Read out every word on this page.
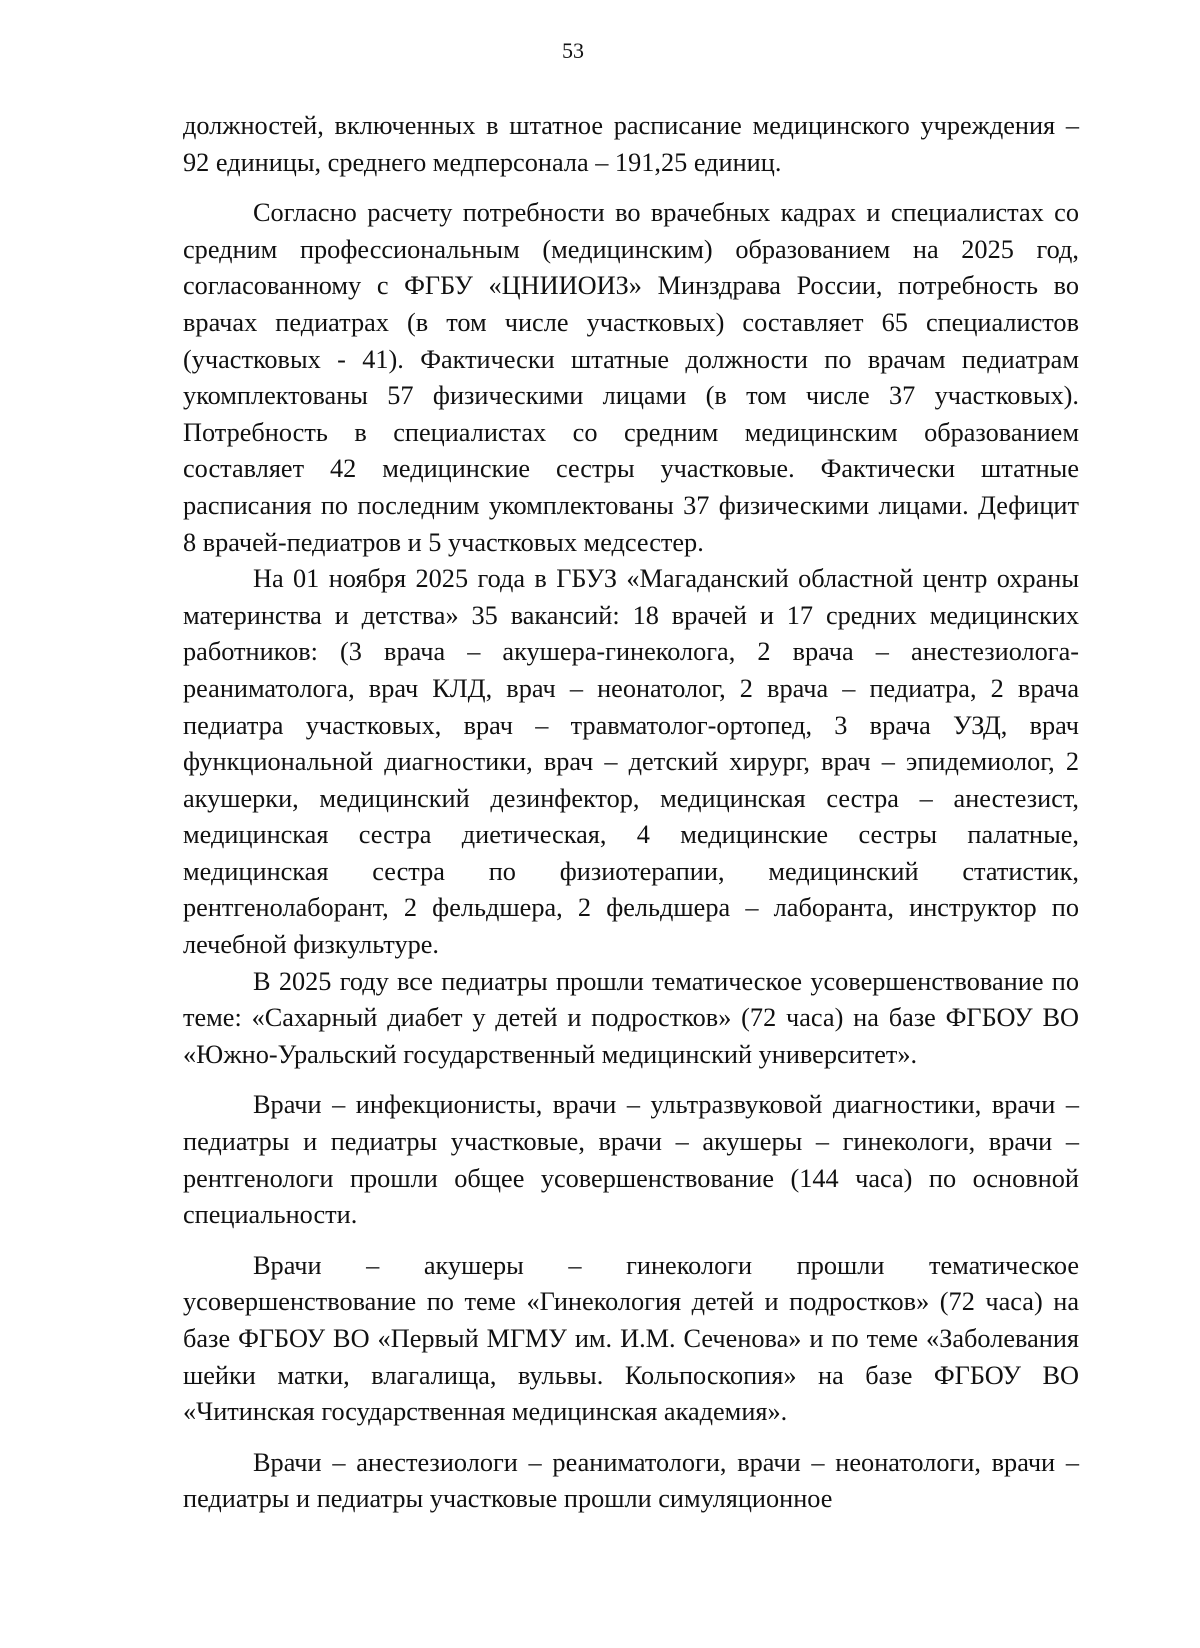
53

должностей, включенных в штатное расписание медицинского учреждения – 92 единицы, среднего медперсонала – 191,25 единиц.

Согласно расчету потребности во врачебных кадрах и специалистах со средним профессиональным (медицинским) образованием на 2025 год, согласованному с ФГБУ «ЦНИИОИЗ» Минздрава России, потребность во врачах педиатрах (в том числе участковых) составляет 65 специалистов (участковых - 41). Фактически штатные должности по врачам педиатрам укомплектованы 57 физическими лицами (в том числе 37 участковых). Потребность в специалистах со средним медицинским образованием составляет 42 медицинские сестры участковые. Фактически штатные расписания по последним укомплектованы 37 физическими лицами. Дефицит 8 врачей-педиатров и 5 участковых медсестер.

На 01 ноября 2025 года в ГБУЗ «Магаданский областной центр охраны материнства и детства» 35 вакансий: 18 врачей и 17 средних медицинских работников: (3 врача – акушера-гинеколога, 2 врача – анестезиолога-реаниматолога, врач КЛД, врач – неонатолог, 2 врача – педиатра, 2 врача педиатра участковых, врач – травматолог-ортопед, 3 врача УЗД, врач функциональной диагностики, врач – детский хирург, врач – эпидемиолог, 2 акушерки, медицинский дезинфектор, медицинская сестра – анестезист, медицинская сестра диетическая, 4 медицинские сестры палатные, медицинская сестра по физиотерапии, медицинский статистик, рентгенолаборант, 2 фельдшера, 2 фельдшера – лаборанта, инструктор по лечебной физкультуре.

В 2025 году все педиатры прошли тематическое усовершенствование по теме: «Сахарный диабет у детей и подростков» (72 часа) на базе ФГБОУ ВО «Южно-Уральский государственный медицинский университет».

Врачи – инфекционисты, врачи – ультразвуковой диагностики, врачи – педиатры и педиатры участковые, врачи – акушеры – гинекологи, врачи – рентгенологи прошли общее усовершенствование (144 часа) по основной специальности.

Врачи – акушеры – гинекологи прошли тематическое усовершенствование по теме «Гинекология детей и подростков» (72 часа) на базе ФГБОУ ВО «Первый МГМУ им. И.М. Сеченова» и по теме «Заболевания шейки матки, влагалища, вульвы. Кольпоскопия» на базе ФГБОУ ВО «Читинская государственная медицинская академия».

Врачи – анестезиологи – реаниматологи, врачи – неонатологи, врачи – педиатры и педиатры участковые прошли симуляционное
